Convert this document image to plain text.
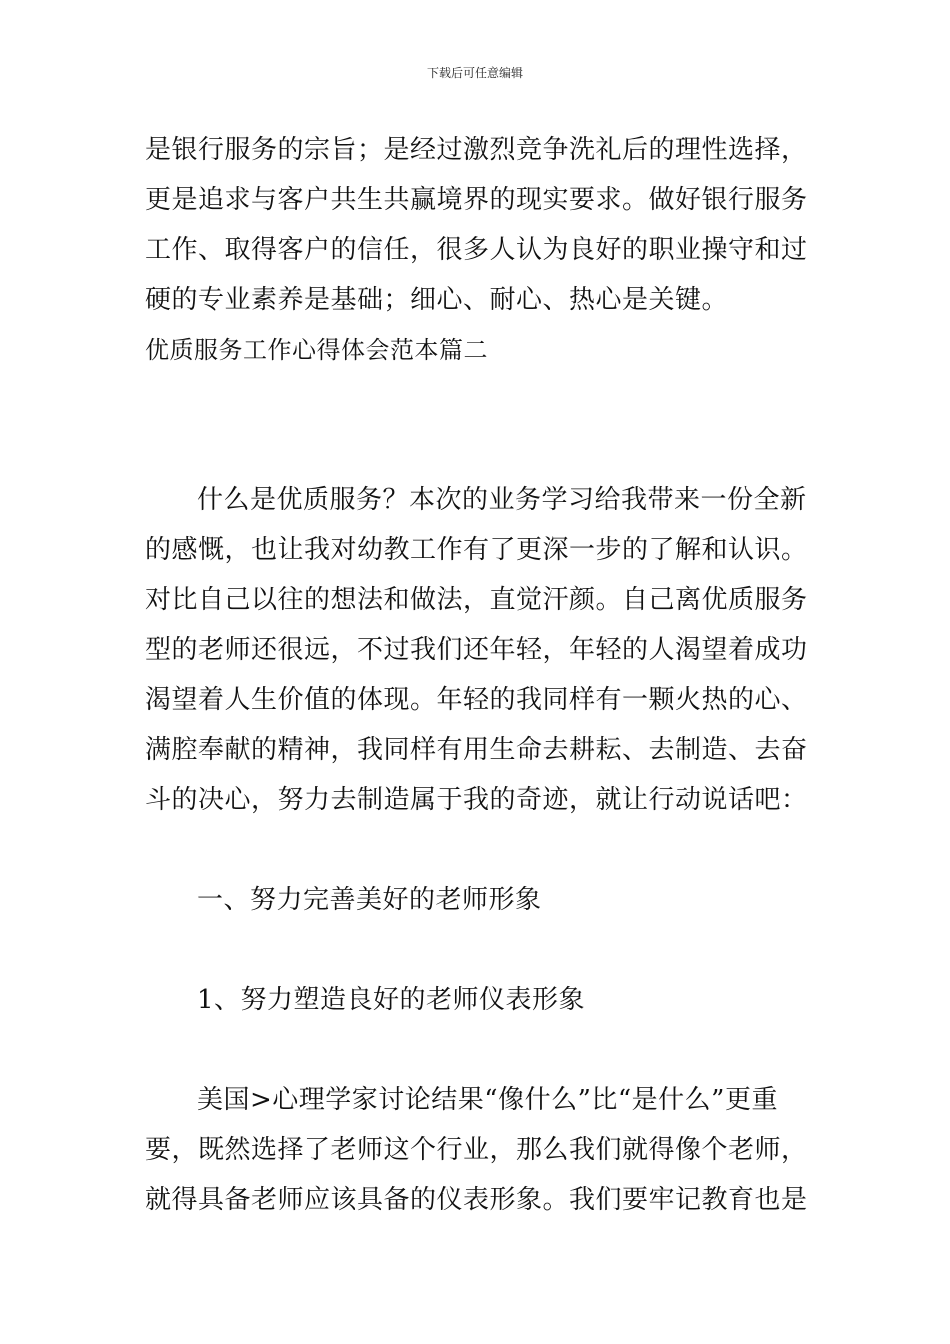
下载后可任意编辑
是银行服务的宗旨；是经过激烈竞争洗礼后的理性选择，
更是追求与客户共生共赢境界的现实要求。做好银行服务
工作、取得客户的信任，很多人认为良好的职业操守和过
硬的专业素养是基础；细心、耐心、热心是关键。
优质服务工作心得体会范本篇二
什么是优质服务？本次的业务学习给我带来一份全新
的感慨，也让我对幼教工作有了更深一步的了解和认识。
对比自己以往的想法和做法，直觉汗颜。自己离优质服务
型的老师还很远，不过我们还年轻，年轻的人渴望着成功
渴望着人生价值的体现。年轻的我同样有一颗火热的心、
满腔奉献的精神，我同样有用生命去耕耘、去制造、去奋
斗的决心，努力去制造属于我的奇迹，就让行动说话吧：
一、努力完善美好的老师形象
1、努力塑造良好的老师仪表形象
美国>心理学家讨论结果“像什么”比“是什么”更重
要，既然选择了老师这个行业，那么我们就得像个老师，
就得具备老师应该具备的仪表形象。我们要牢记教育也是
